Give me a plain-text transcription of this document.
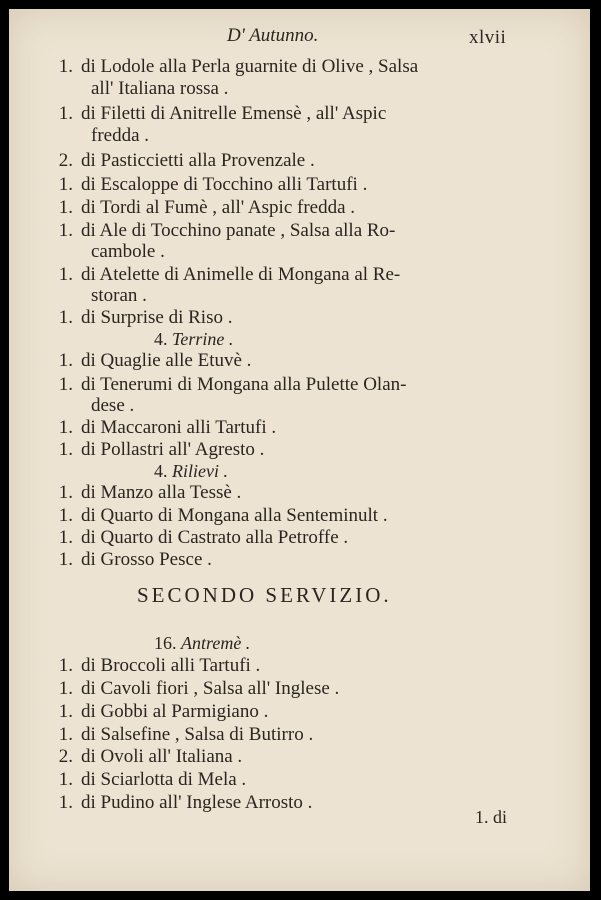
D' Autunno.	xlvii
1. di Lodole alla Perla guarnite di Olive , Salsa
all' Italiana rossa .
1. di Filetti di Anitrelle Emensè , all' Aspic
fredda .
2. di Pasticcietti alla Provenzale .
1. di Escaloppe di Tocchino alli Tartufi .
1. di Tordi al Fumè , all' Aspic fredda .
1. di Ale di Tocchino panate , Salsa alla Ro-
cambole .
1. di Atelette di Animelle di Mongana al Re-
storan .
1. di Surprise di Riso .
4. Terrine .
1. di Quaglie alle Etuvè .
1. di Tenerumi di Mongana alla Pulette Olan-
dese .
1. di Maccaroni alli Tartufi .
1. di Pollastri all' Agresto .
4. Rilievi .
1. di Manzo alla Tessè .
1. di Quarto di Mongana alla Senteminult .
1. di Quarto di Castrato alla Petroffe .
1. di Grosso Pesce .
SECONDO SERVIZIO.
16. Antremè .
1. di Broccoli alli Tartufi .
1. di Cavoli fiori , Salsa all' Inglese .
1. di Gobbi al Parmigiano .
1. di Salsefine , Salsa di Butirro .
2. di Ovoli all' Italiana .
1. di Sciarlotta di Mela .
1. di Pudino all' Inglese Arrosto .
1. di
